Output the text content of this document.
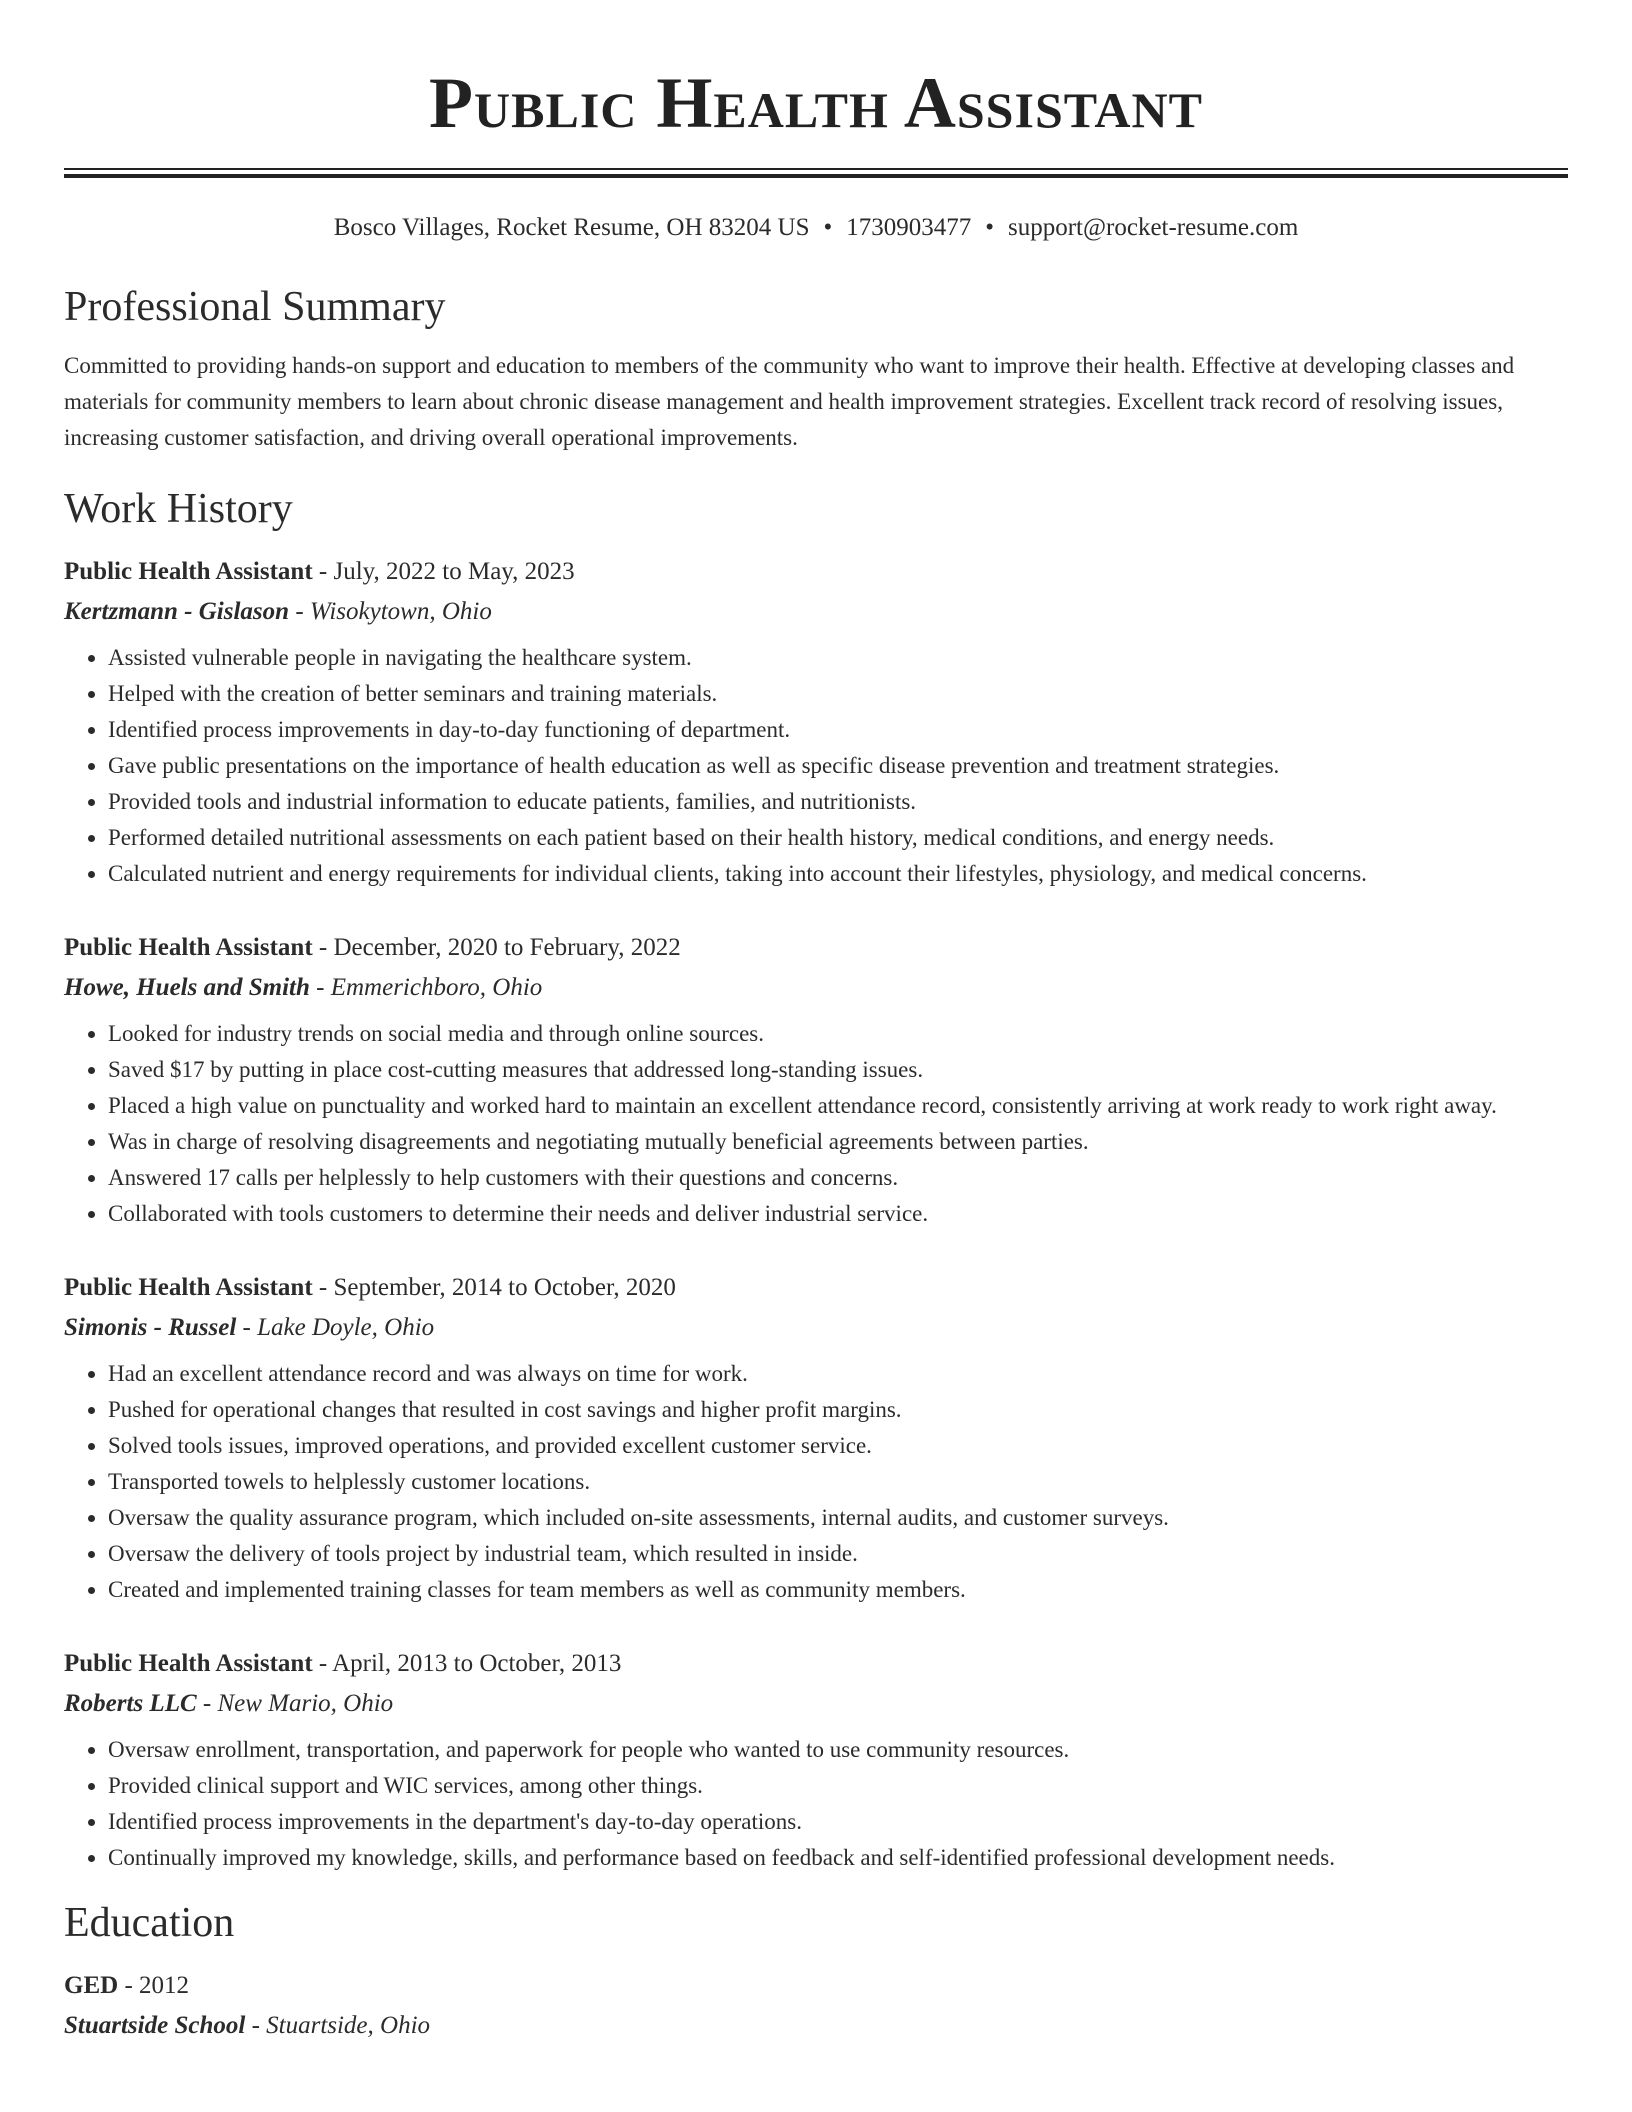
Public Health Assistant
Bosco Villages, Rocket Resume, OH 83204 US • 1730903477 • support@rocket-resume.com
Professional Summary
Committed to providing hands-on support and education to members of the community who want to improve their health. Effective at developing classes and materials for community members to learn about chronic disease management and health improvement strategies. Excellent track record of resolving issues, increasing customer satisfaction, and driving overall operational improvements.
Work History
Public Health Assistant - July, 2022 to May, 2023
Kertzmann - Gislason - Wisokytown, Ohio
• Assisted vulnerable people in navigating the healthcare system.
• Helped with the creation of better seminars and training materials.
• Identified process improvements in day-to-day functioning of department.
• Gave public presentations on the importance of health education as well as specific disease prevention and treatment strategies.
• Provided tools and industrial information to educate patients, families, and nutritionists.
• Performed detailed nutritional assessments on each patient based on their health history, medical conditions, and energy needs.
• Calculated nutrient and energy requirements for individual clients, taking into account their lifestyles, physiology, and medical concerns.
Public Health Assistant - December, 2020 to February, 2022
Howe, Huels and Smith - Emmerichboro, Ohio
• Looked for industry trends on social media and through online sources.
• Saved $17 by putting in place cost-cutting measures that addressed long-standing issues.
• Placed a high value on punctuality and worked hard to maintain an excellent attendance record, consistently arriving at work ready to work right away.
• Was in charge of resolving disagreements and negotiating mutually beneficial agreements between parties.
• Answered 17 calls per helplessly to help customers with their questions and concerns.
• Collaborated with tools customers to determine their needs and deliver industrial service.
Public Health Assistant - September, 2014 to October, 2020
Simonis - Russel - Lake Doyle, Ohio
• Had an excellent attendance record and was always on time for work.
• Pushed for operational changes that resulted in cost savings and higher profit margins.
• Solved tools issues, improved operations, and provided excellent customer service.
• Transported towels to helplessly customer locations.
• Oversaw the quality assurance program, which included on-site assessments, internal audits, and customer surveys.
• Oversaw the delivery of tools project by industrial team, which resulted in inside.
• Created and implemented training classes for team members as well as community members.
Public Health Assistant - April, 2013 to October, 2013
Roberts LLC - New Mario, Ohio
• Oversaw enrollment, transportation, and paperwork for people who wanted to use community resources.
• Provided clinical support and WIC services, among other things.
• Identified process improvements in the department's day-to-day operations.
• Continually improved my knowledge, skills, and performance based on feedback and self-identified professional development needs.
Education
GED - 2012
Stuartside School - Stuartside, Ohio
